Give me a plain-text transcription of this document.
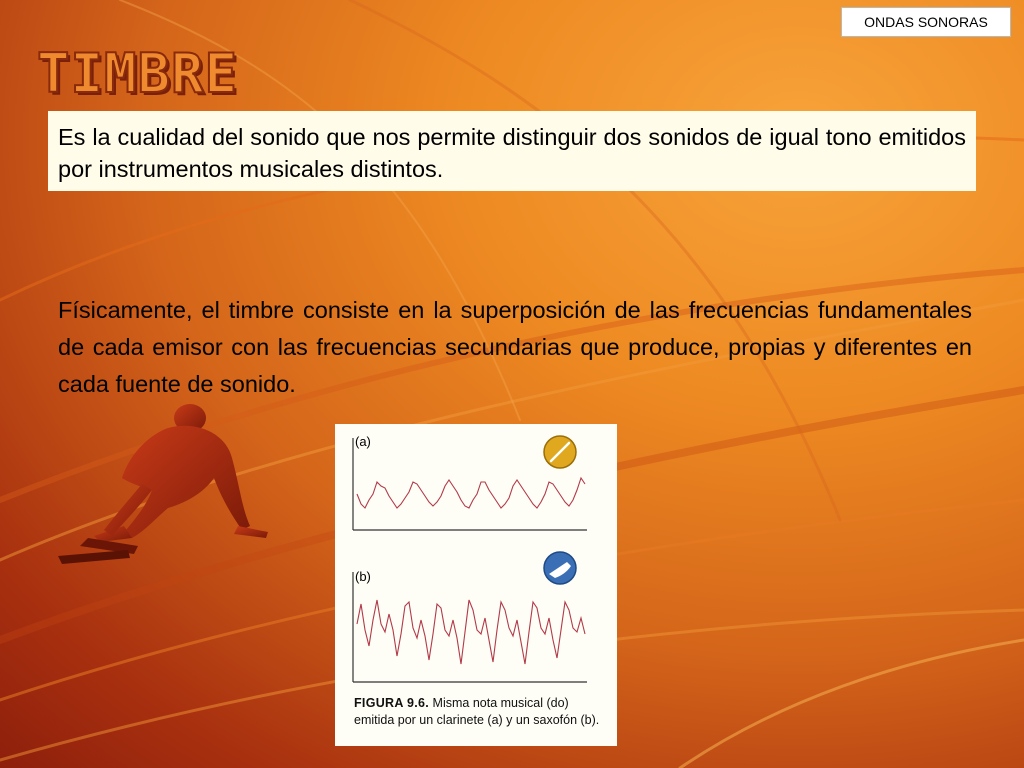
ONDAS SONORAS
TIMBRE
Es la cualidad del sonido que nos permite distinguir dos sonidos de igual tono emitidos por instrumentos musicales distintos.

Físicamente, el timbre consiste en la superposición de las frecuencias fundamentales de cada emisor con las frecuencias secundarias que produce, propias y diferentes en cada fuente de sonido.

(a)
(b)
FIGURA 9.6. Misma nota musical (do) emitida por un clarinete (a) y un saxofón (b).
